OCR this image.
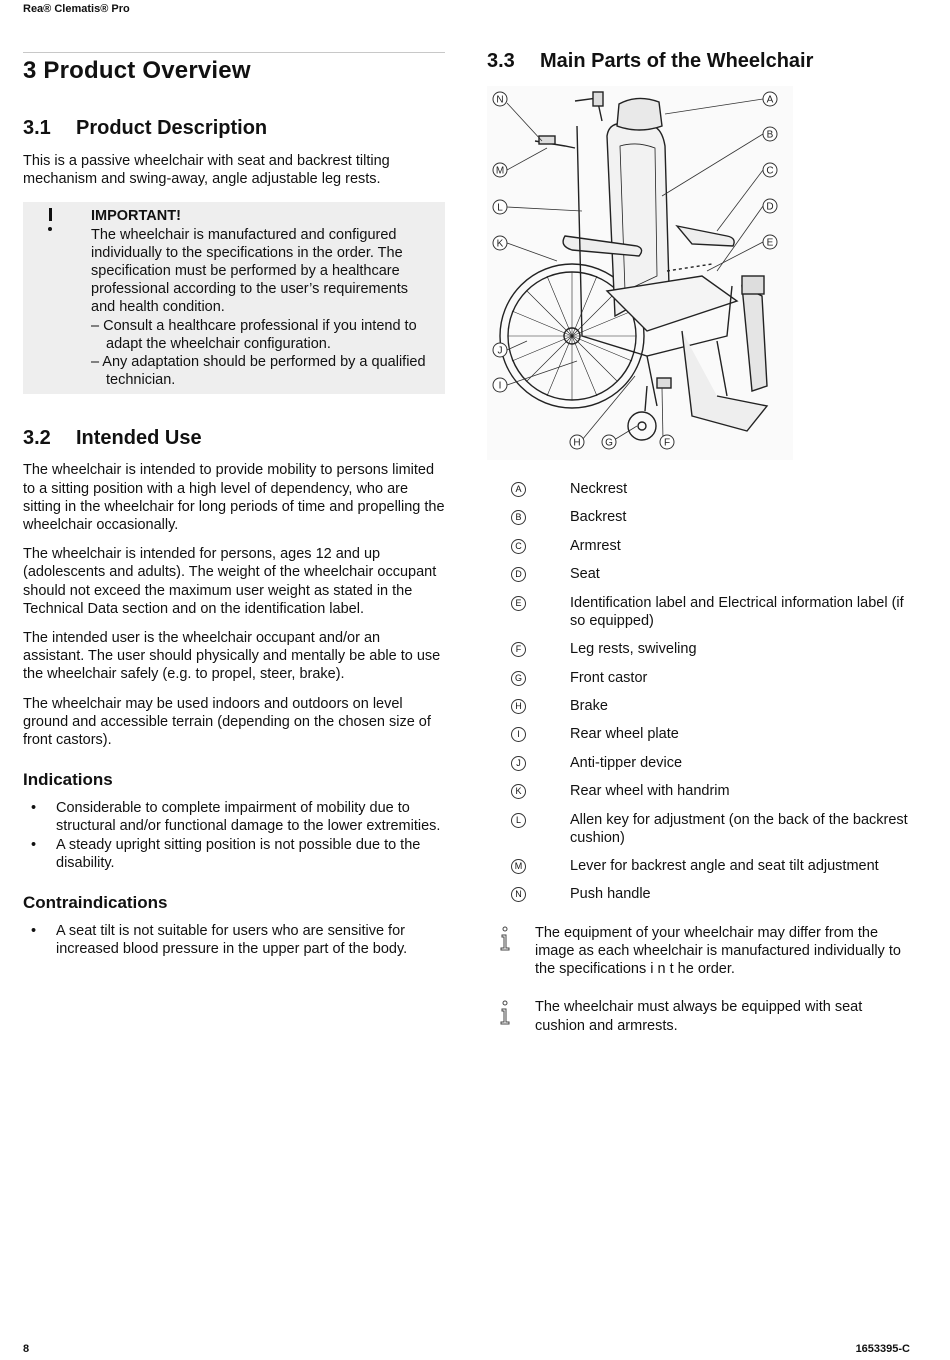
Rea® Clematis® Pro
3 Product Overview
3.1 Product Description

This is a passive wheelchair with seat and backrest tilting mechanism and swing-away, angle adjustable leg rests.

IMPORTANT!

The wheelchair is manufactured and configured individually to the specifications in the order. The specification must be performed by a healthcare professional according to the user’s requirements and health condition.

– Consult a healthcare professional if you intend to adapt the wheelchair configuration.

– Any adaptation should be performed by a qualified technician.

3.2 Intended Use

The wheelchair is intended to provide mobility to persons limited to a sitting position with a high level of dependency, who are sitting in the wheelchair for long periods of time and propelling the wheelchair occasionally.

The wheelchair is intended for persons, ages 12 and up (adolescents and adults). The weight of the wheelchair occupant should not exceed the maximum user weight as stated in the Technical Data section and on the identification label.

The intended user is the wheelchair occupant and/or an assistant. The user should physically and mentally be able to use the wheelchair safely (e.g. to propel, steer, brake).

The wheelchair may be used indoors and outdoors on level ground and accessible terrain (depending on the chosen size of front castors).

Indications
• Considerable to complete impairment of mobility due to structural and/or functional damage to the lower extremities.
• A steady upright sitting position is not possible due to the disability.
Contraindications
• A seat tilt is not suitable for users who are sensitive for increased blood pressure in the upper part of the body.
3.3 Main Parts of the Wheelchair
N
M
L
K
J
I
H G	F
A
B
C
D
E
A	Neckrest
B	Backrest
C	Armrest
D	Seat
E	Identification label and Electrical information label (if so equipped)
F	Leg rests, swiveling
G	Front castor
H	Brake
I	Rear wheel plate
J	Anti-tipper device
K	Rear wheel with handrim
L	Allen key for adjustment (on the back of the backrest cushion)
M	Lever for backrest angle and seat tilt adjustment
N	Push handle

The equipment of your wheelchair may differ from the image as each wheelchair is manufactured individually to the specifications i n t he order.

The wheelchair must always be equipped with seat cushion and armrests.

8	1653395-C
